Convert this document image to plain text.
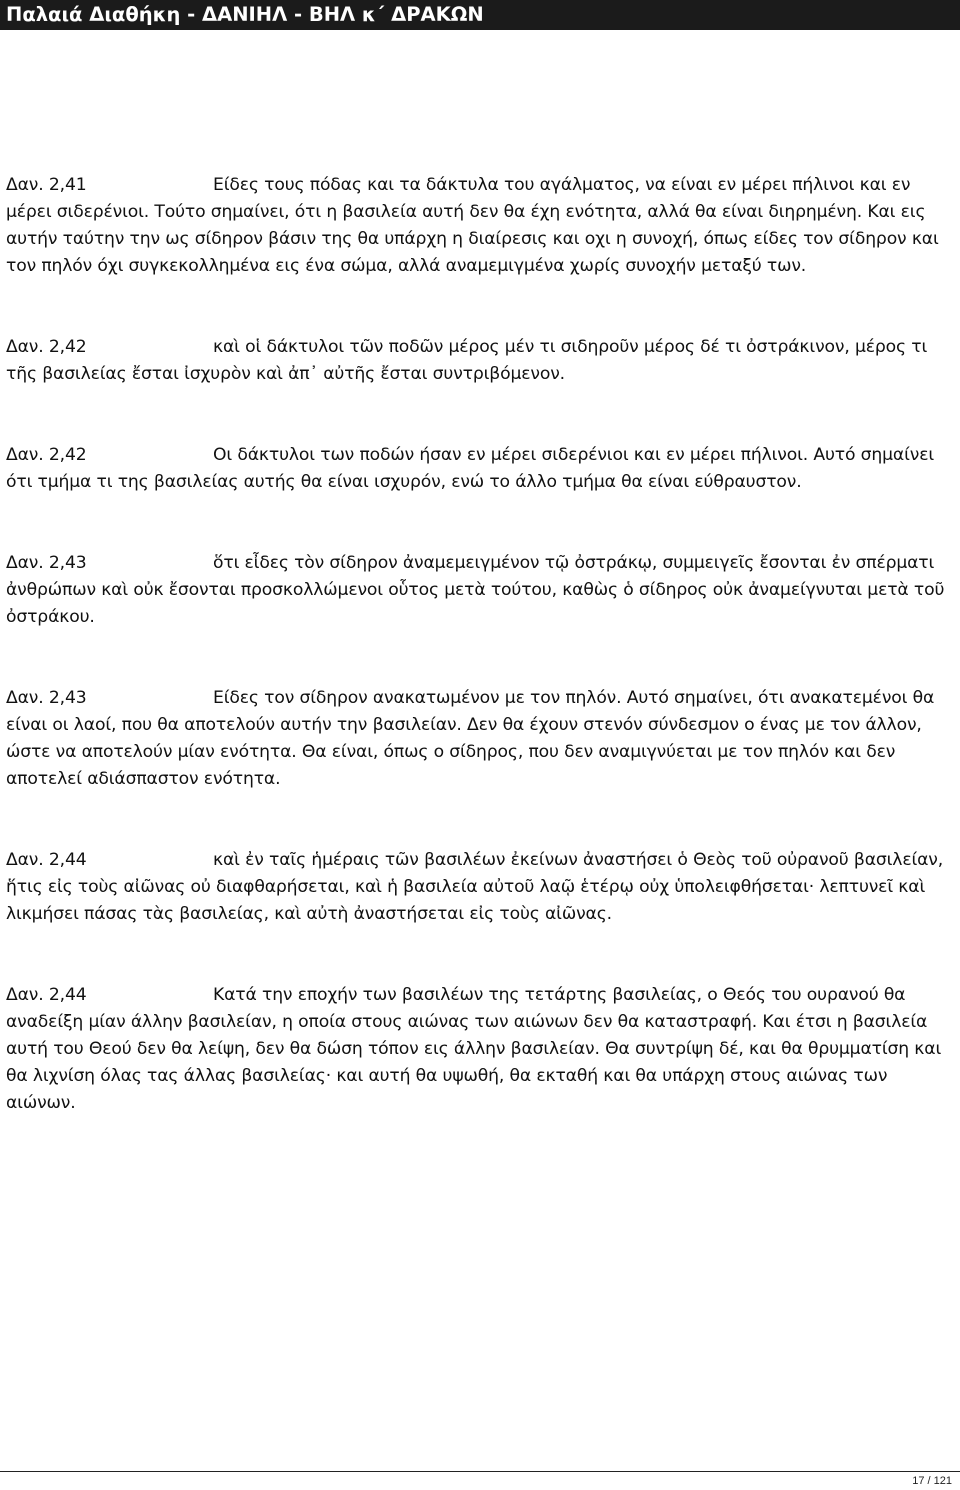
Παλαιά Διαθήκη - ΔΑΝΙΗΛ - ΒΗΛ κ΄ ΔΡΑΚΩΝ
Δαν. 2,41	Είδες τους πόδας και τα δάκτυλα του αγάλματος, να είναι εν μέρει πήλινοι και εν μέρει σιδερένιοι. Τούτο σημαίνει, ότι η βασιλεία αυτή δεν θα έχη ενότητα, αλλά θα είναι διηρημένη. Και εις αυτήν ταύτην την ως σίδηρον βάσιν της θα υπάρχη η διαίρεσις και οχι η συνοχή, όπως είδες τον σίδηρον και τον πηλόν όχι συγκεκολλημένα εις ένα σώμα, αλλά αναμεμιγμένα χωρίς συνοχήν μεταξύ των.
Δαν. 2,42	καὶ οἱ δάκτυλοι τῶν ποδῶν μέρος μέν τι σιδηροῦν μέρος δέ τι ὀστράκινον, μέρος τι τῆς βασιλείας ἔσται ἰσχυρὸν καὶ ἀπ᾿ αὐτῆς ἔσται συντριβόμενον.
Δαν. 2,42	Οι δάκτυλοι των ποδών ήσαν εν μέρει σιδερένιοι και εν μέρει πήλινοι. Αυτό σημαίνει ότι τμήμα τι της βασιλείας αυτής θα είναι ισχυρόν, ενώ το άλλο τμήμα θα είναι εύθραυστον.
Δαν. 2,43	ὅτι εἶδες τὸν σίδηρον ἀναμεμειγμένον τῷ ὀστράκῳ, συμμειγεῖς ἔσονται ἐν σπέρματι ἀνθρώπων καὶ οὐκ ἔσονται προσκολλώμενοι οὗτος μετὰ τούτου, καθὼς ὁ σίδηρος οὐκ ἀναμείγνυται μετὰ τοῦ ὀστράκου.
Δαν. 2,43	Είδες τον σίδηρον ανακατωμένον με τον πηλόν. Αυτό σημαίνει, ότι ανακατεμένοι θα είναι οι λαοί, που θα αποτελούν αυτήν την βασιλείαν. Δεν θα έχουν στενόν σύνδεσμον ο ένας με τον άλλον, ώστε να αποτελούν μίαν ενότητα. Θα είναι, όπως ο σίδηρος, που δεν αναμιγνύεται με τον πηλόν και δεν αποτελεί αδιάσπαστον ενότητα.
Δαν. 2,44	καὶ ἐν ταῖς ἡμέραις τῶν βασιλέων ἐκείνων ἀναστήσει ὁ Θεὸς τοῦ οὐρανοῦ βασιλείαν, ἥτις εἰς τοὺς αἰῶνας οὐ διαφθαρήσεται, καὶ ἡ βασιλεία αὐτοῦ λαῷ ἑτέρῳ οὐχ ὑπολειφθήσεται· λεπτυνεῖ καὶ λικμήσει πάσας τὰς βασιλείας, καὶ αὐτὴ ἀναστήσεται εἰς τοὺς αἰῶνας.
Δαν. 2,44	Κατά την εποχήν των βασιλέων της τετάρτης βασιλείας, ο Θεός του ουρανού θα αναδείξη μίαν άλλην βασιλείαν, η οποία στους αιώνας των αιώνων δεν θα καταστραφή. Και έτσι η βασιλεία αυτή του Θεού δεν θα λείψη, δεν θα δώση τόπον εις άλλην βασιλείαν. Θα συντρίψη δέ, και θα θρυμματίση και θα λιχνίση όλας τας άλλας βασιλείας· και αυτή θα υψωθή, θα εκταθή και θα υπάρχη στους αιώνας των αιώνων.
17 / 121
